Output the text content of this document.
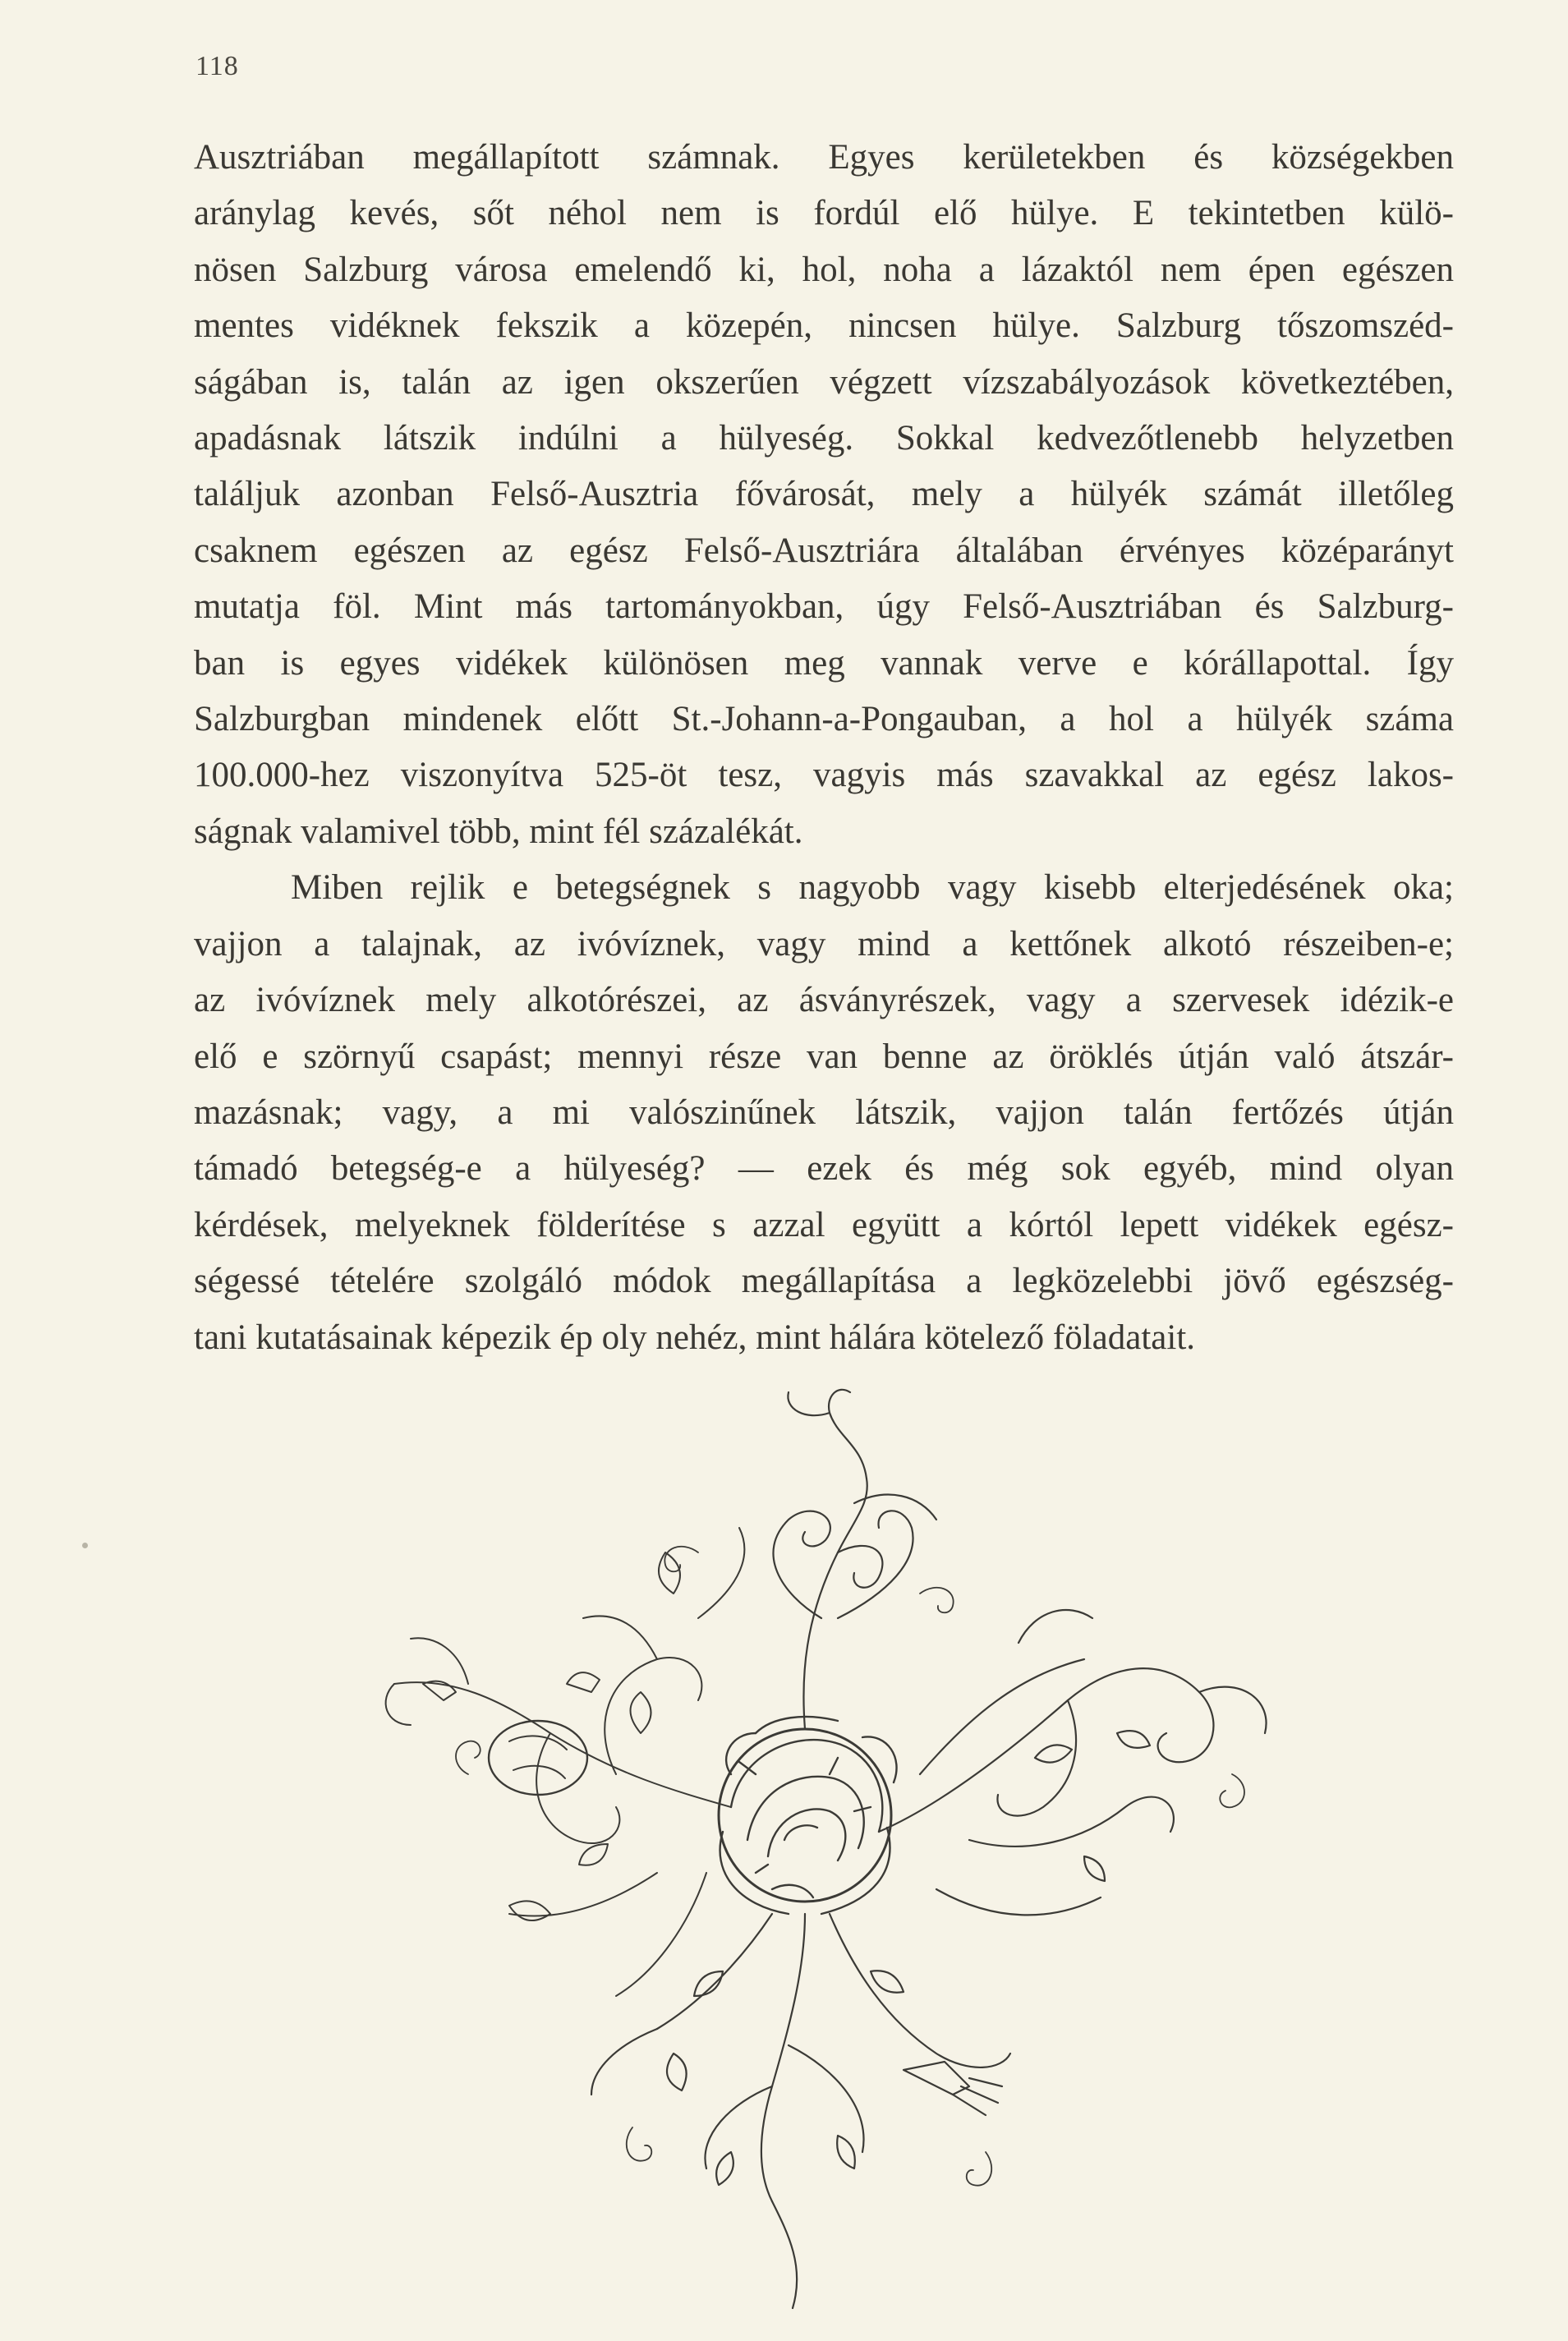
118

Ausztriában megállapított számnak. Egyes kerületekben és községekben
aránylag kevés, sőt néhol nem is fordúl elő hülye. E tekintetben külö-
nösen Salzburg városa emelendő ki, hol, noha a lázaktól nem épen egészen
mentes vidéknek fekszik a közepén, nincsen hülye. Salzburg tőszomszéd-
ságában is, talán az igen okszerűen végzett vízszabályozások következtében,
apadásnak látszik indúlni a hülyeség. Sokkal kedvezőtlenebb helyzetben
találjuk azonban Felső-Ausztria fővárosát, mely a hülyék számát illetőleg
csaknem egészen az egész Felső-Ausztriára általában érvényes középarányt
mutatja föl. Mint más tartományokban, úgy Felső-Ausztriában és Salzburg-
ban is egyes vidékek különösen meg vannak verve e kórállapottal. Így
Salzburgban mindenek előtt St.-Johann-a-Pongauban, a hol a hülyék száma
100.000-hez viszonyítva 525-öt tesz, vagyis más szavakkal az egész lakos-
ságnak valamivel több, mint fél százalékát.

Miben rejlik e betegségnek s nagyobb vagy kisebb elterjedésének oka;
vajjon a talajnak, az ivóvíznek, vagy mind a kettőnek alkotó részeiben-e;
az ivóvíznek mely alkotórészei, az ásványrészek, vagy a szervesek idézik-e
elő e szörnyű csapást; mennyi része van benne az öröklés útján való átszár-
mazásnak; vagy, a mi valószinűnek látszik, vajjon talán fertőzés útján
támadó betegség-e a hülyeség? — ezek és még sok egyéb, mind olyan
kérdések, melyeknek földerítése s azzal együtt a kórtól lepett vidékek egész-
ségessé tételére szolgáló módok megállapítása a legközelebbi jövő egészség-
tani kutatásainak képezik ép oly nehéz, mint hálára kötelező föladatait.
